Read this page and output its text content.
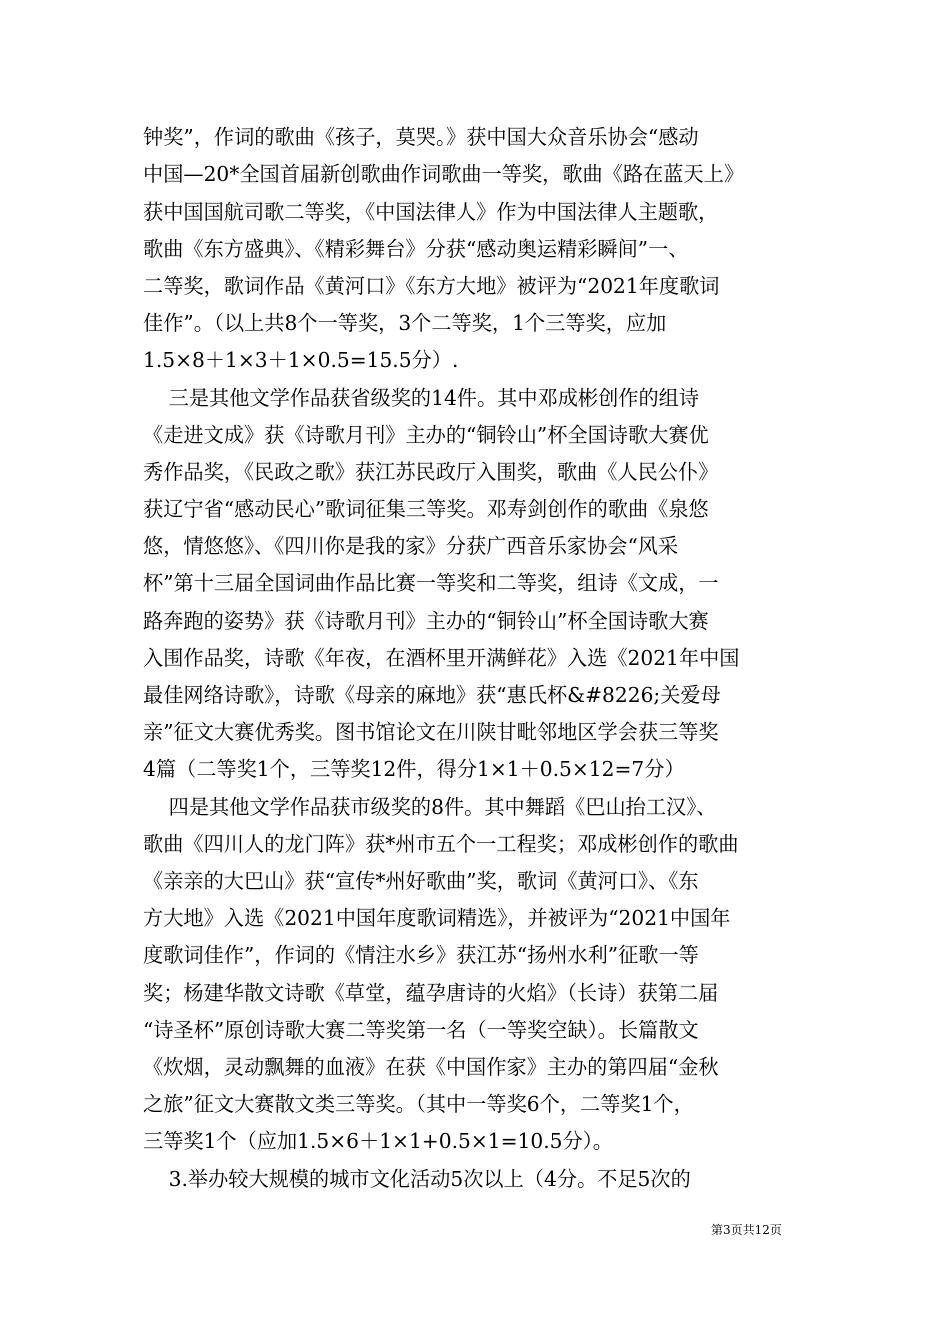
钟奖”，作词的歌曲《孩子，莫哭。》获中国大众音乐协会“感动
中国—20*全国首届新创歌曲作词歌曲一等奖，歌曲《路在蓝天上》
获中国国航司歌二等奖，《中国法律人》作为中国法律人主题歌，
歌曲《东方盛典》、《精彩舞台》分获“感动奥运精彩瞬间”一、
二等奖，歌词作品《黄河口》《东方大地》被评为“2021年度歌词
佳作”。（以上共8个一等奖，3个二等奖，1个三等奖，应加
1.5×8＋1×3＋1×0.5=15.5分）.
三是其他文学作品获省级奖的14件。其中邓成彬创作的组诗
《走进文成》获《诗歌月刊》主办的“铜铃山”杯全国诗歌大赛优
秀作品奖，《民政之歌》获江苏民政厅入围奖，歌曲《人民公仆》
获辽宁省“感动民心”歌词征集三等奖。邓寿剑创作的歌曲《泉悠
悠，情悠悠》、《四川你是我的家》分获广西音乐家协会“风采
杯”第十三届全国词曲作品比赛一等奖和二等奖，组诗《文成，一
路奔跑的姿势》获《诗歌月刊》主办的“铜铃山”杯全国诗歌大赛
入围作品奖，诗歌《年夜，在酒杯里开满鲜花》入选《2021年中国
最佳网络诗歌》，诗歌《母亲的麻地》获“惠氏杯&#8226;关爱母
亲”征文大赛优秀奖。图书馆论文在川陕甘毗邻地区学会获三等奖
4篇（二等奖1个，三等奖12件，得分1×1＋0.5×12=7分）
四是其他文学作品获市级奖的8件。其中舞蹈《巴山抬工汉》、
歌曲《四川人的龙门阵》获*州市五个一工程奖；邓成彬创作的歌曲
《亲亲的大巴山》获“宣传*州好歌曲”奖，歌词《黄河口》、《东
方大地》入选《2021中国年度歌词精选》，并被评为“2021中国年
度歌词佳作”，作词的《情注水乡》获江苏“扬州水利”征歌一等
奖；杨建华散文诗歌《草堂，蕴孕唐诗的火焰》（长诗）获第二届
“诗圣杯”原创诗歌大赛二等奖第一名（一等奖空缺）。长篇散文
《炊烟，灵动飘舞的血液》在获《中国作家》主办的第四届“金秋
之旅”征文大赛散文类三等奖。（其中一等奖6个，二等奖1个，
三等奖1个（应加1.5×6＋1×1+0.5×1=10.5分）。
3.举办较大规模的城市文化活动5次以上（4分。不足5次的
第3页共12页
